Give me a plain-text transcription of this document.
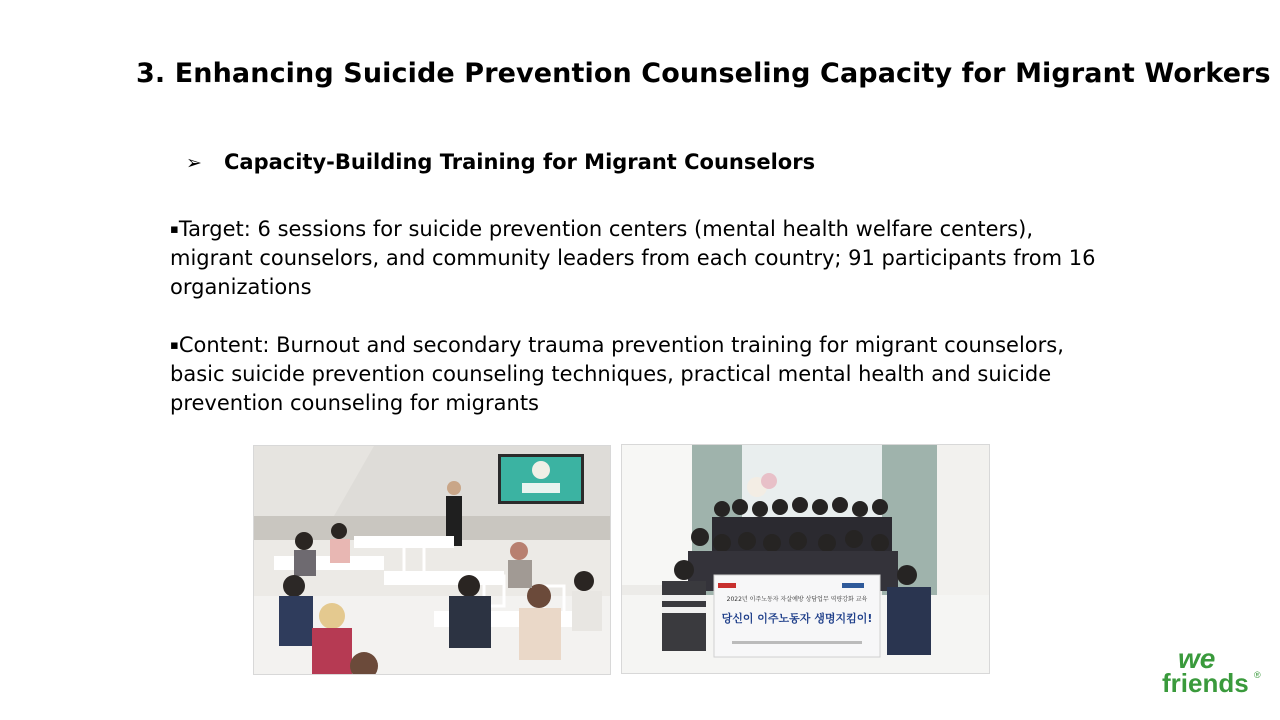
3. Enhancing Suicide Prevention Counseling Capacity for Migrant Workers
➢ Capacity-Building Training for Migrant Counselors
▪Target: 6 sessions for suicide prevention centers (mental health welfare centers), migrant counselors, and community leaders from each country; 91 participants from 16 organizations
▪Content: Burnout and secondary trauma prevention training for migrant counselors, basic suicide prevention counseling techniques, practical mental health and suicide prevention counseling for migrants
2022년 이주노동자 자살예방 상담업무 역량강화 교육
당신이 이주노동자 생명지킴이!
we
friends ®
